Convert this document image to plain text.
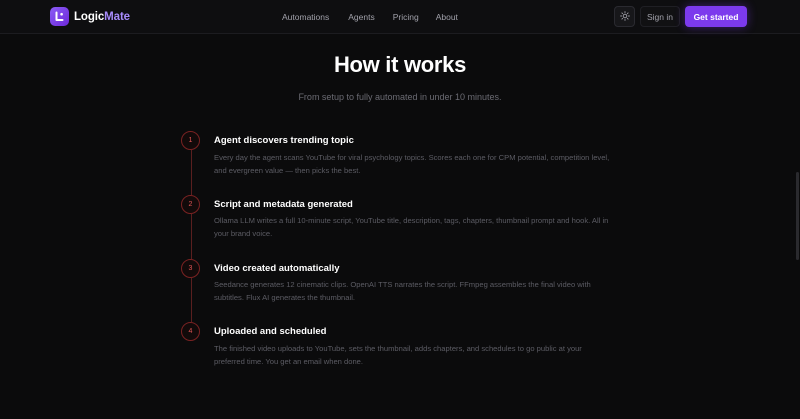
LogicMate	Automations Agents Pricing About	Sign in	Get started
How it works
From setup to fully automated in under 10 minutes.
1	Agent discovers trending topic
Every day the agent scans YouTube for viral psychology topics. Scores each one for CPM potential, competition level, and evergreen value — then picks the best.
2	Script and metadata generated
Ollama LLM writes a full 10-minute script, YouTube title, description, tags, chapters, thumbnail prompt and hook. All in your brand voice.
3	Video created automatically
Seedance generates 12 cinematic clips. OpenAI TTS narrates the script. FFmpeg assembles the final video with subtitles. Flux AI generates the thumbnail.
4	Uploaded and scheduled
The finished video uploads to YouTube, sets the thumbnail, adds chapters, and schedules to go public at your preferred time. You get an email when done.
